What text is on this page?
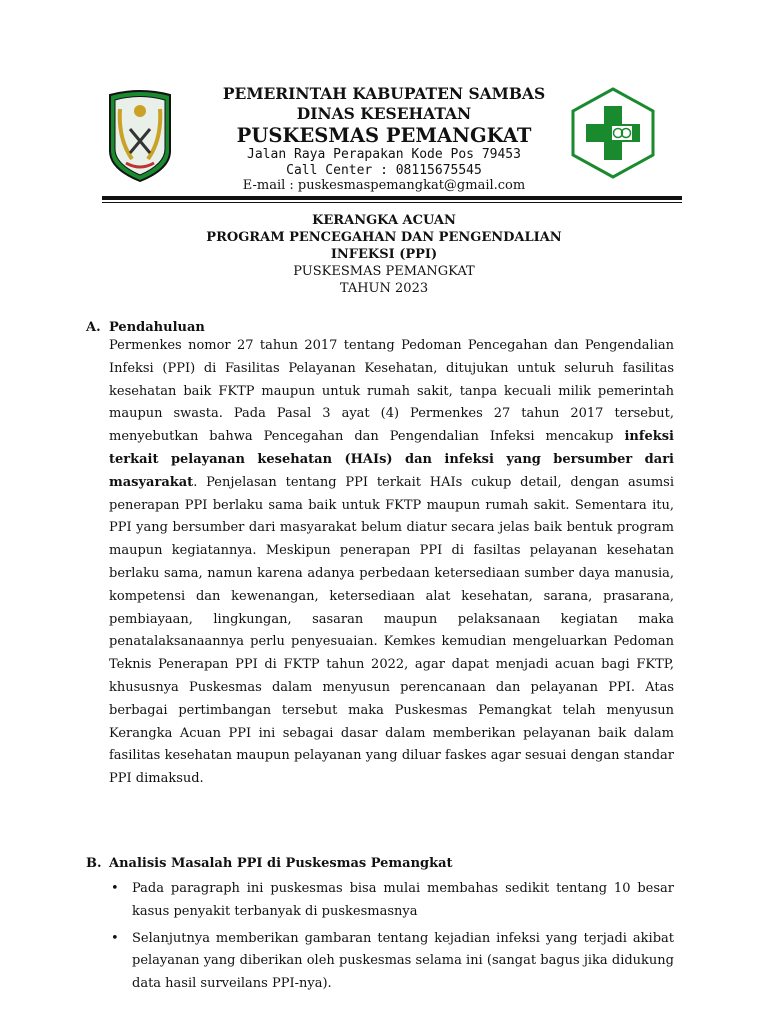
PEMERINTAH KABUPATEN SAMBAS
DINAS KESEHATAN
PUSKESMAS PEMANGKAT
Jalan Raya Perapakan Kode Pos 79453
Call Center : 08115675545
E-mail : puskesmaspemangkat@gmail.com
KERANGKA ACUAN
PROGRAM PENCEGAHAN DAN PENGENDALIAN
INFEKSI (PPI)
PUSKESMAS PEMANGKAT
TAHUN 2023
A. Pendahuluan
Permenkes nomor 27 tahun 2017 tentang Pedoman Pencegahan dan Pengendalian Infeksi (PPI) di Fasilitas Pelayanan Kesehatan, ditujukan untuk seluruh fasilitas kesehatan baik FKTP maupun untuk rumah sakit, tanpa kecuali milik pemerintah maupun swasta. Pada Pasal 3 ayat (4) Permenkes 27 tahun 2017 tersebut, menyebutkan bahwa Pencegahan dan Pengendalian Infeksi mencakup infeksi terkait pelayanan kesehatan (HAIs) dan infeksi yang bersumber dari masyarakat. Penjelasan tentang PPI terkait HAIs cukup detail, dengan asumsi penerapan PPI berlaku sama baik untuk FKTP maupun rumah sakit. Sementara itu, PPI yang bersumber dari masyarakat belum diatur secara jelas baik bentuk program maupun kegiatannya. Meskipun penerapan PPI di fasiltas pelayanan kesehatan berlaku sama, namun karena adanya perbedaan ketersediaan sumber daya manusia, kompetensi dan kewenangan, ketersediaan alat kesehatan, sarana, prasarana, pembiayaan, lingkungan, sasaran maupun pelaksanaan kegiatan maka penatalaksanaannya perlu penyesuaian. Kemkes kemudian mengeluarkan Pedoman Teknis Penerapan PPI di FKTP tahun 2022, agar dapat menjadi acuan bagi FKTP, khususnya Puskesmas dalam menyusun perencanaan dan pelayanan PPI. Atas berbagai pertimbangan tersebut maka Puskesmas Pemangkat telah menyusun Kerangka Acuan PPI ini sebagai dasar dalam memberikan pelayanan baik dalam fasilitas kesehatan maupun pelayanan yang diluar faskes agar sesuai dengan standar PPI dimaksud.
B. Analisis Masalah PPI di Puskesmas Pemangkat
• Pada paragraph ini puskesmas bisa mulai membahas sedikit tentang 10 besar kasus penyakit terbanyak di puskesmasnya
• Selanjutnya memberikan gambaran tentang kejadian infeksi yang terjadi akibat pelayanan yang diberikan oleh puskesmas selama ini (sangat bagus jika didukung data hasil surveilans PPI-nya).
